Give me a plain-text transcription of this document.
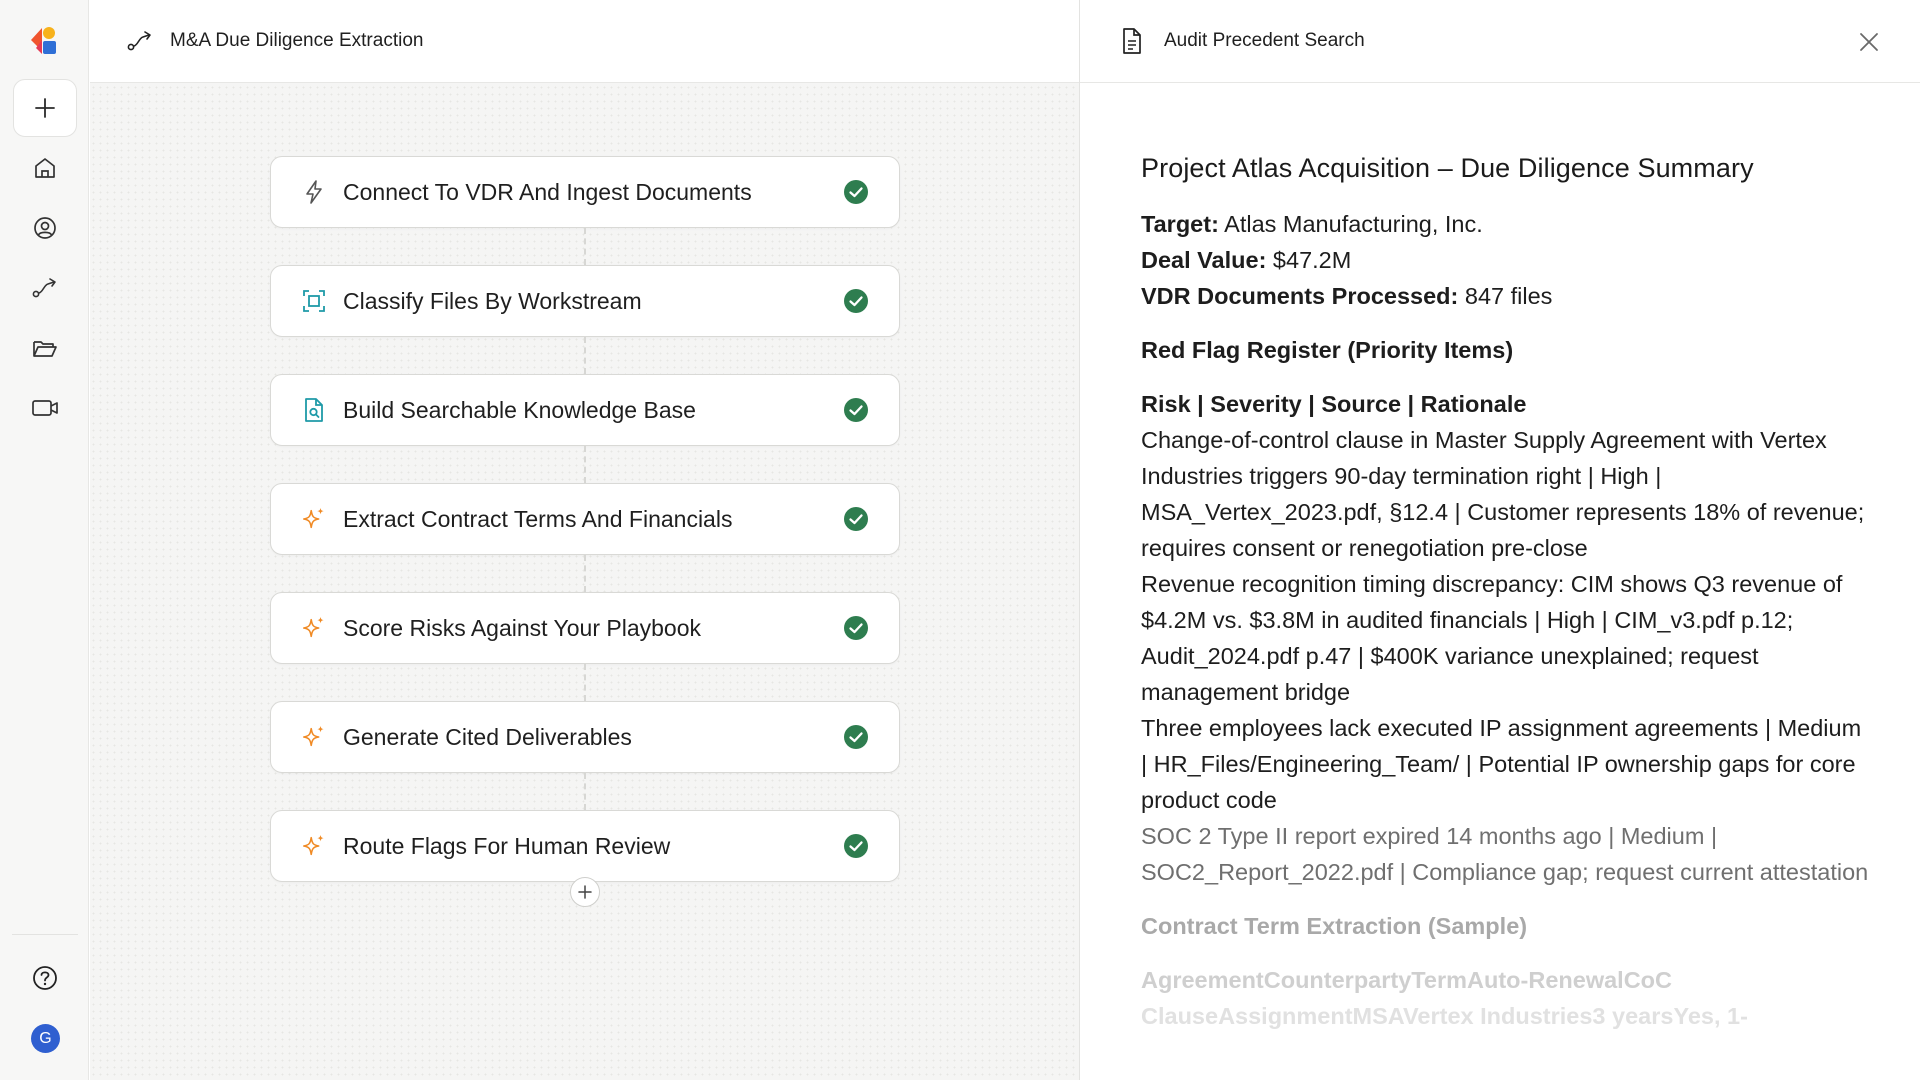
G
M&A Due Diligence Extraction
Connect To VDR And Ingest Documents
Classify Files By Workstream
Build Searchable Knowledge Base
Extract Contract Terms And Financials
Score Risks Against Your Playbook
Generate Cited Deliverables
Route Flags For Human Review
Audit Precedent Search
Project Atlas Acquisition – Due Diligence Summary

Target: Atlas Manufacturing, Inc.

Deal Value: $47.2M

VDR Documents Processed: 847 files

Red Flag Register (Priority Items)

Risk | Severity | Source | Rationale

Change-of-control clause in Master Supply Agreement with Vertex Industries triggers 90-day termination right | High | MSA_Vertex_2023.pdf, §12.4 | Customer represents 18% of revenue; requires consent or renegotiation pre-close

Revenue recognition timing discrepancy: CIM shows Q3 revenue of $4.2M vs. $3.8M in audited financials | High | CIM_v3.pdf p.12; Audit_2024.pdf p.47 | $400K variance unexplained; request management bridge

Three employees lack executed IP assignment agreements | Medium | HR_Files/Engineering_Team/ | Potential IP ownership gaps for core product code

SOC 2 Type II report expired 14 months ago | Medium | SOC2_Report_2022.pdf | Compliance gap; request current attestation

Contract Term Extraction (Sample)

AgreementCounterpartyTermAuto-RenewalCoC

ClauseAssignmentMSAVertex Industries3 yearsYes, 1-
